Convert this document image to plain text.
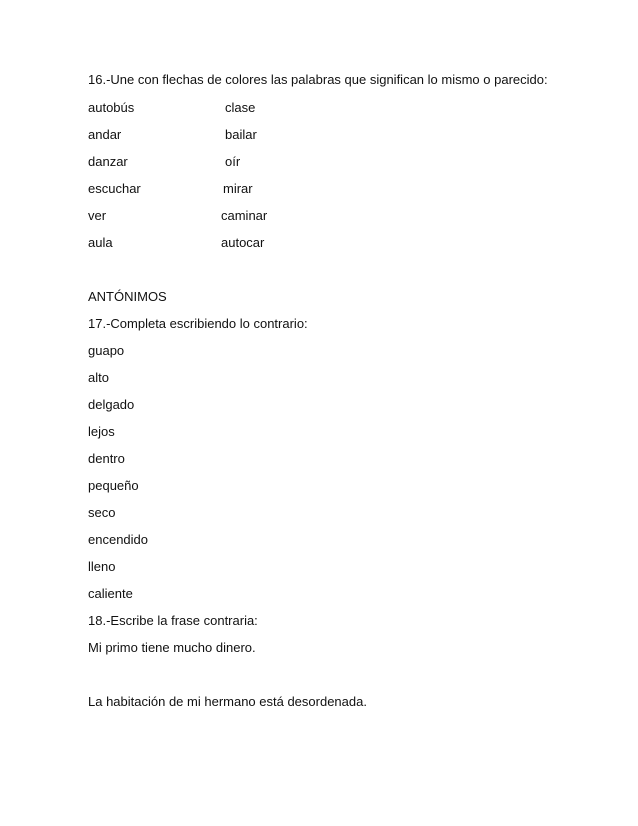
16.-Une con flechas de colores las palabras que significan lo mismo o parecido:
autobús	clase
andar	bailar
danzar	oír
escuchar	mirar
ver	caminar
aula	autocar
ANTÓNIMOS
17.-Completa escribiendo lo contrario:
guapo
alto
delgado
lejos
dentro
pequeño
seco
encendido
lleno
caliente
18.-Escribe la frase contraria:
Mi primo tiene mucho dinero.
La habitación de mi hermano está desordenada.
